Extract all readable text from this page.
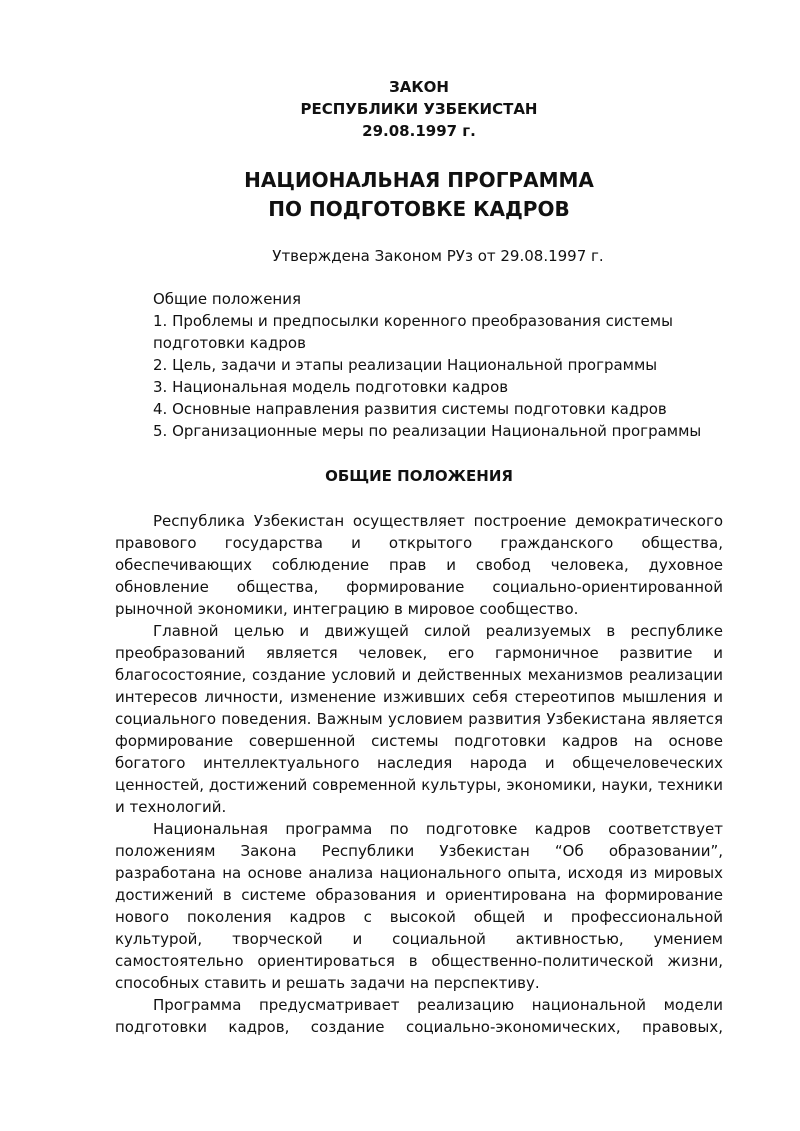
ЗАКОН
РЕСПУБЛИКИ УЗБЕКИСТАН
29.08.1997 г.
НАЦИОНАЛЬНАЯ ПРОГРАММА
ПО ПОДГОТОВКЕ КАДРОВ
Утверждена Законом РУз от 29.08.1997 г.
Общие положения
1. Проблемы и предпосылки коренного преобразования системы
подготовки кадров
2. Цель, задачи и этапы реализации Национальной программы
3. Национальная модель подготовки кадров
4. Основные направления развития системы подготовки кадров
5. Организационные меры по реализации Национальной программы
ОБЩИЕ ПОЛОЖЕНИЯ

Республика Узбекистан осуществляет построение демократического
правового государства и открытого гражданского общества,
обеспечивающих соблюдение прав и свобод человека, духовное
обновление общества, формирование социально-ориентированной
рыночной экономики, интеграцию в мировое сообщество.

Главной целью и движущей силой реализуемых в республике
преобразований является человек, его гармоничное развитие и
благосостояние, создание условий и действенных механизмов реализации
интересов личности, изменение изживших себя стереотипов мышления и
социального поведения. Важным условием развития Узбекистана является
формирование совершенной системы подготовки кадров на основе
богатого интеллектуального наследия народа и общечеловеческих
ценностей, достижений современной культуры, экономики, науки, техники
и технологий.

Национальная программа по подготовке кадров соответствует
положениям Закона Республики Узбекистан “Об образовании”,
разработана на основе анализа национального опыта, исходя из мировых
достижений в системе образования и ориентирована на формирование
нового поколения кадров с высокой общей и профессиональной
культурой, творческой и социальной активностью, умением
самостоятельно ориентироваться в общественно-политической жизни,
способных ставить и решать задачи на перспективу.

Программа предусматривает реализацию национальной модели
подготовки кадров, создание социально-экономических, правовых,
